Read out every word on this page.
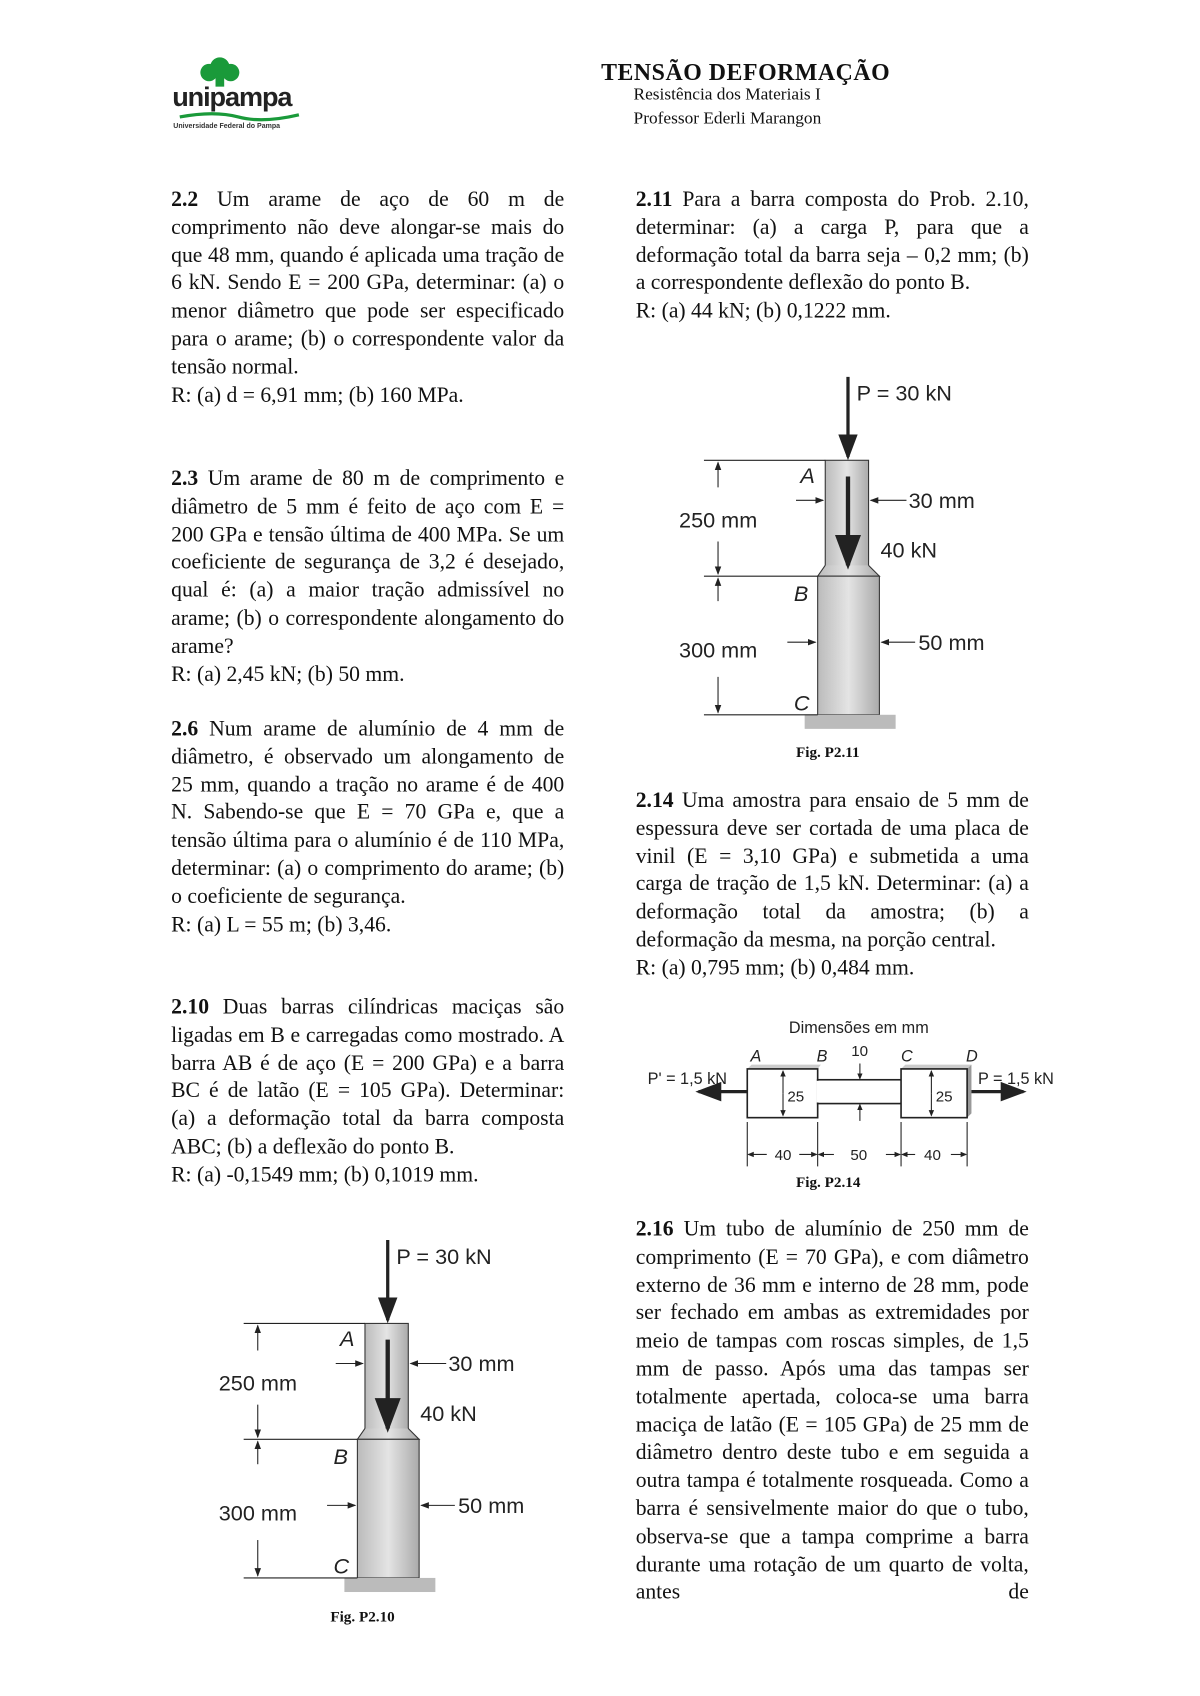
unipampa
Universidade Federal do Pampa
TENSÃO DEFORMAÇÃO
Resistência dos Materiais I
Professor Ederli Marangon
2.2 Um arame de aço de 60 m de comprimento não deve alongar-se mais do que 48 mm, quando é aplicada uma tração de 6 kN. Sendo E = 200 GPa, determinar: (a) o menor diâmetro que pode ser especificado para o arame; (b) o correspondente valor da tensão normal.
R: (a) d = 6,91 mm; (b) 160 MPa.
2.3 Um arame de 80 m de comprimento e diâmetro de 5 mm é feito de aço com E = 200 GPa e tensão última de 400 MPa. Se um coeficiente de segurança de 3,2 é desejado, qual é: (a) a maior tração admissível no arame; (b) o correspondente alongamento do arame?
R: (a) 2,45 kN; (b) 50 mm.
2.6 Num arame de alumínio de 4 mm de diâmetro, é observado um alongamento de 25 mm, quando a tração no arame é de 400 N. Sabendo-se que E = 70 GPa e, que a tensão última para o alumínio é de 110 MPa, determinar: (a) o comprimento do arame; (b) o coeficiente de segurança.
R: (a) L = 55 m; (b) 3,46.
2.10 Duas barras cilíndricas maciças são ligadas em B e carregadas como mostrado. A barra AB é de aço (E = 200 GPa) e a barra BC é de latão (E = 105 GPa). Determinar: (a) a deformação total da barra composta ABC; (b) a deflexão do ponto B.
R: (a) -0,1549 mm; (b) 0,1019 mm.
P = 30 kN
40 kN
250 mm
300 mm
A
B
C
30 mm
50 mm
Fig. P2.10
2.11 Para a barra composta do Prob. 2.10, determinar: (a) a carga P, para que a deformação total da barra seja – 0,2 mm; (b) a correspondente deflexão do ponto B.
R: (a) 44 kN; (b) 0,1222 mm.
P = 30 kN
40 kN
250 mm
300 mm
A
B
C
30 mm
50 mm
Fig. P2.11
2.14 Uma amostra para ensaio de 5 mm de espessura deve ser cortada de uma placa de vinil (E = 3,10 GPa) e submetida a uma carga de tração de 1,5 kN. Determinar: (a) a deformação total da amostra; (b) a deformação da mesma, na porção central.
R: (a) 0,795 mm; (b) 0,484 mm.
Dimensões em mm
P' = 1,5 kN	P = 1,5 kN
A	B 10 C	D
25	25
40	50	40
Fig. P2.14
2.16 Um tubo de alumínio de 250 mm de comprimento (E = 70 GPa), e com diâmetro externo de 36 mm e interno de 28 mm, pode ser fechado em ambas as extremidades por meio de tampas com roscas simples, de 1,5 mm de passo. Após uma das tampas ser totalmente apertada, coloca-se uma barra maciça de latão (E = 105 GPa) de 25 mm de diâmetro dentro deste tubo e em seguida a outra tampa é totalmente rosqueada. Como a barra é sensivelmente maior do que o tubo, observa-se que a tampa comprime a barra durante uma rotação de um quarto de volta, antes de
